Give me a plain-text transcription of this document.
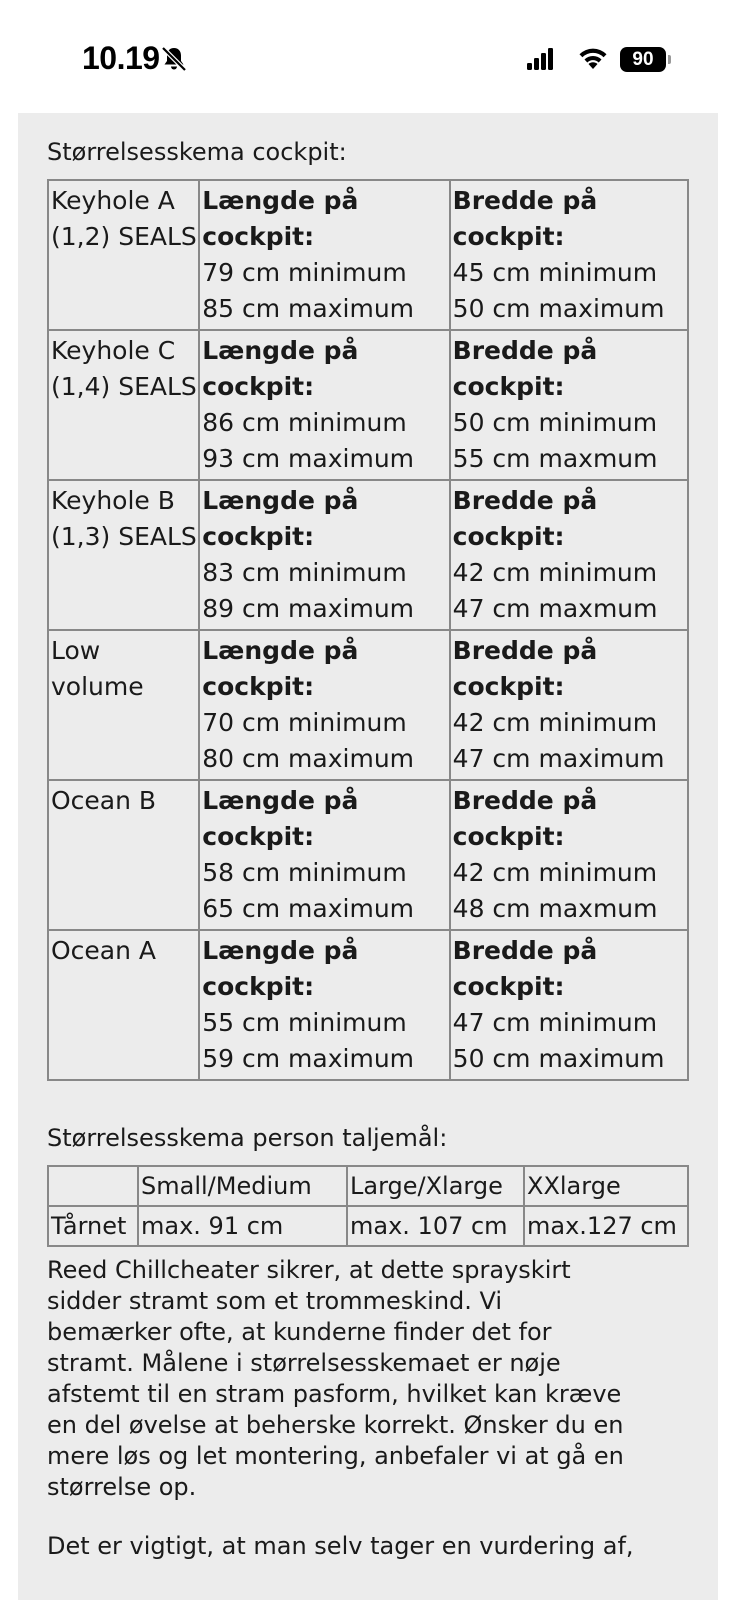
10.19	90
Størrelsesskema cockpit:
Keyhole A
(1,2) SEALS	Længde på
cockpit:
79 cm minimum
85 cm maximum	Bredde på
cockpit:
45 cm minimum
50 cm maximum

Keyhole C
(1,4) SEALS	Længde på
cockpit:
86 cm minimum
93 cm maximum	Bredde på
cockpit:
50 cm minimum
55 cm maxmum

Keyhole B
(1,3) SEALS	Længde på
cockpit:
83 cm minimum
89 cm maximum	Bredde på
cockpit:
42 cm minimum
47 cm maxmum

Low
volume	Længde på
cockpit:
70 cm minimum
80 cm maximum	Bredde på
cockpit:
42 cm minimum
47 cm maximum

Ocean B	Længde på
cockpit:
58 cm minimum
65 cm maximum	Bredde på
cockpit:
42 cm minimum
48 cm maxmum

Ocean A	Længde på
cockpit:
55 cm minimum
59 cm maximum	Bredde på
cockpit:
47 cm minimum
50 cm maximum
Størrelsesskema person taljemål:
	Small/Medium	Large/Xlarge	XXlarge
Tårnet	max. 91 cm	max. 107 cm	max.127 cm
Reed Chillcheater sikrer, at dette sprayskirt
sidder stramt som et trommeskind. Vi
bemærker ofte, at kunderne finder det for
stramt. Målene i størrelsesskemaet er nøje
afstemt til en stram pasform, hvilket kan kræve
en del øvelse at beherske korrekt. Ønsker du en
mere løs og let montering, anbefaler vi at gå en
størrelse op.
Det er vigtigt, at man selv tager en vurdering af,
